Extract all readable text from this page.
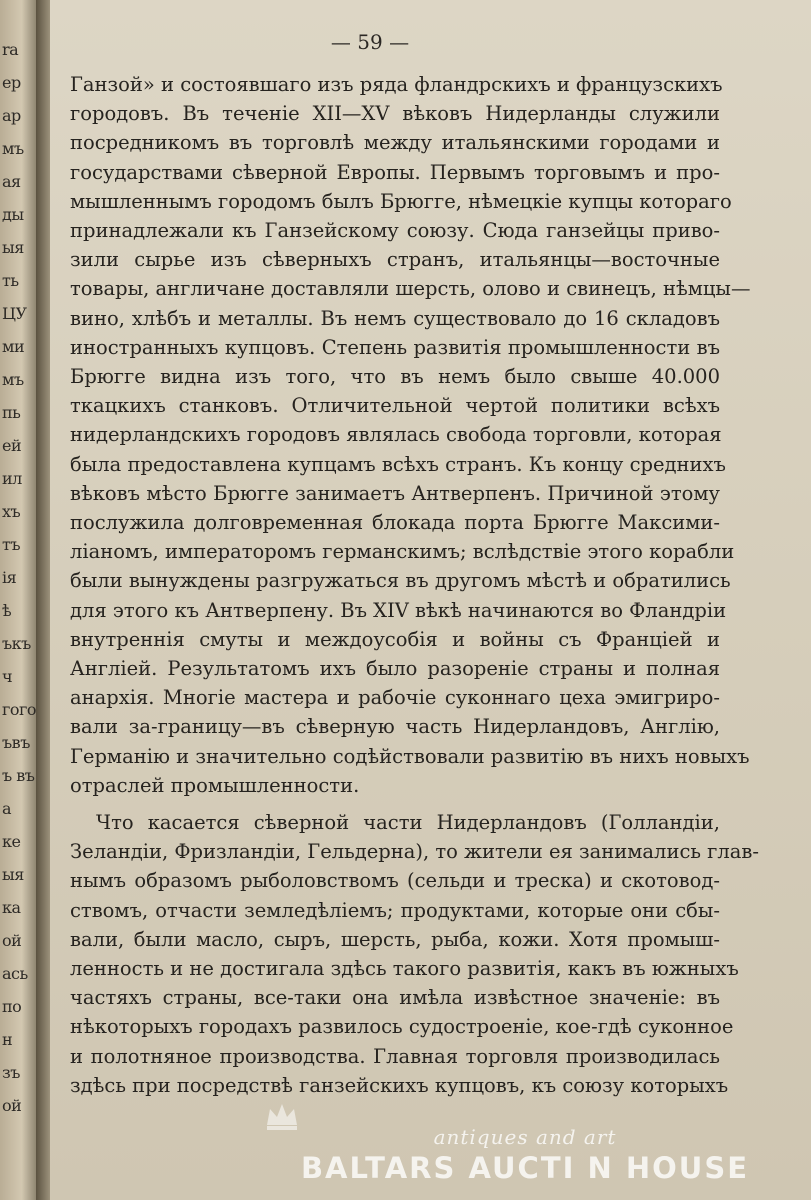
ra
ер
ap
мъ
ая
ды
ыя
ть
ЦУ
ми
мъ
пь
ей
ил
хъ
тъ
ія
ѣ
ъкъ
ч
гого
ъвъ
ъ въ
а
ке
ыя
ка
ой
ась
по
н
зъ
ой
— 59 —
Ганзой» и состоявшаго изъ ряда фландрскихъ и французскихъ
городовъ. Въ теченіе XII—XV вѣковъ Нидерланды служили
посредникомъ въ торговлѣ между итальянскими городами и
государствами сѣверной Европы. Первымъ торговымъ и про-
мышленнымъ городомъ былъ Брюгге, нѣмецкіе купцы котораго
принадлежали къ Ганзейскому союзу. Сюда ганзейцы приво-
зили сырье изъ сѣверныхъ странъ, итальянцы—восточные
товары, англичане доставляли шерсть, олово и свинецъ, нѣмцы—
вино, хлѣбъ и металлы. Въ немъ существовало до 16 складовъ
иностранныхъ купцовъ. Степень развитія промышленности въ
Брюгге видна изъ того, что въ немъ было свыше 40.000
ткацкихъ станковъ. Отличительной чертой политики всѣхъ
нидерландскихъ городовъ являлась свобода торговли, которая
была предоставлена купцамъ всѣхъ странъ. Къ концу среднихъ
вѣковъ мѣсто Брюгге занимаетъ Антверпенъ. Причиной этому
послужила долговременная блокада порта Брюгге Максими-
ліаномъ, императоромъ германскимъ; вслѣдствіе этого корабли
были вынуждены разгружаться въ другомъ мѣстѣ и обратились
для этого къ Антверпену. Въ XIV вѣкѣ начинаются во Фландріи
внутреннія смуты и междоусобія и войны съ Франціей и
Англіей. Результатомъ ихъ было разореніе страны и полная
анархія. Многіе мастера и рабочіе суконнаго цеха эмигриро-
вали за-границу—въ сѣверную часть Нидерландовъ, Англію,
Германію и значительно содѣйствовали развитію въ нихъ новыхъ
отраслей промышленности.
Что касается сѣверной части Нидерландовъ (Голландіи,
Зеландіи, Фризландіи, Гельдерна), то жители ея занимались глав-
нымъ образомъ рыболовствомъ (сельди и треска) и скотовод-
ствомъ, отчасти земледѣліемъ; продуктами, которые они сбы-
вали, были масло, сыръ, шерсть, рыба, кожи. Хотя промыш-
ленность и не достигала здѣсь такого развитія, какъ въ южныхъ
частяхъ страны, все-таки она имѣла извѣстное значеніе: въ
нѣкоторыхъ городахъ развилось судостроеніе, кое-гдѣ суконное
и полотняное производства. Главная торговля производилась
здѣсь при посредствѣ ганзейскихъ купцовъ, къ союзу которыхъ
antiques and art
BALTARS AUCTI N HOUSE
